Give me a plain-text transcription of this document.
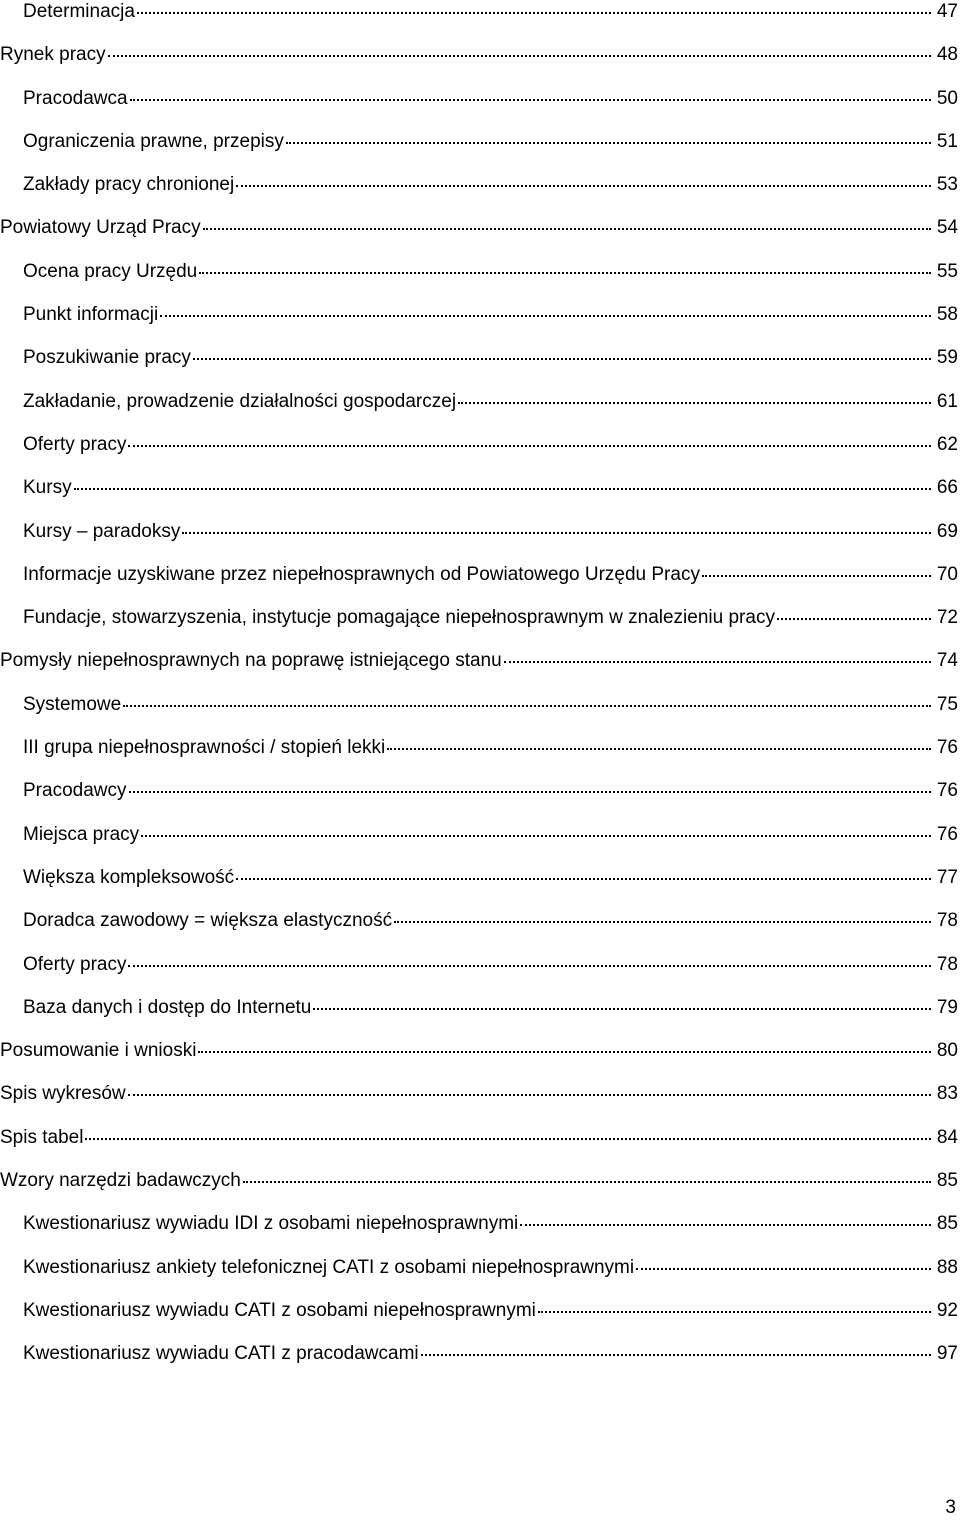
Determinacja	47
Rynek pracy	48
Pracodawca	50
Ograniczenia prawne, przepisy	51
Zakłady pracy chronionej	53
Powiatowy Urząd Pracy	54
Ocena pracy Urzędu	55
Punkt informacji	58
Poszukiwanie pracy	59
Zakładanie, prowadzenie działalności gospodarczej	61
Oferty pracy	62
Kursy	66
Kursy – paradoksy	69
Informacje uzyskiwane przez niepełnosprawnych od Powiatowego Urzędu Pracy	70
Fundacje, stowarzyszenia, instytucje pomagające niepełnosprawnym w znalezieniu pracy	72
Pomysły niepełnosprawnych na poprawę istniejącego stanu	74
Systemowe	75
III grupa niepełnosprawności / stopień lekki	76
Pracodawcy	76
Miejsca pracy	76
Większa kompleksowość	77
Doradca zawodowy = większa elastyczność	78
Oferty pracy	78
Baza danych i dostęp do Internetu	79
Posumowanie i wnioski	80
Spis wykresów	83
Spis tabel	84
Wzory narzędzi badawczych	85
Kwestionariusz wywiadu IDI z osobami niepełnosprawnymi	85
Kwestionariusz ankiety telefonicznej CATI z osobami niepełnosprawnymi	88
Kwestionariusz wywiadu CATI z osobami niepełnosprawnymi	92
Kwestionariusz wywiadu CATI z pracodawcami	97
3
